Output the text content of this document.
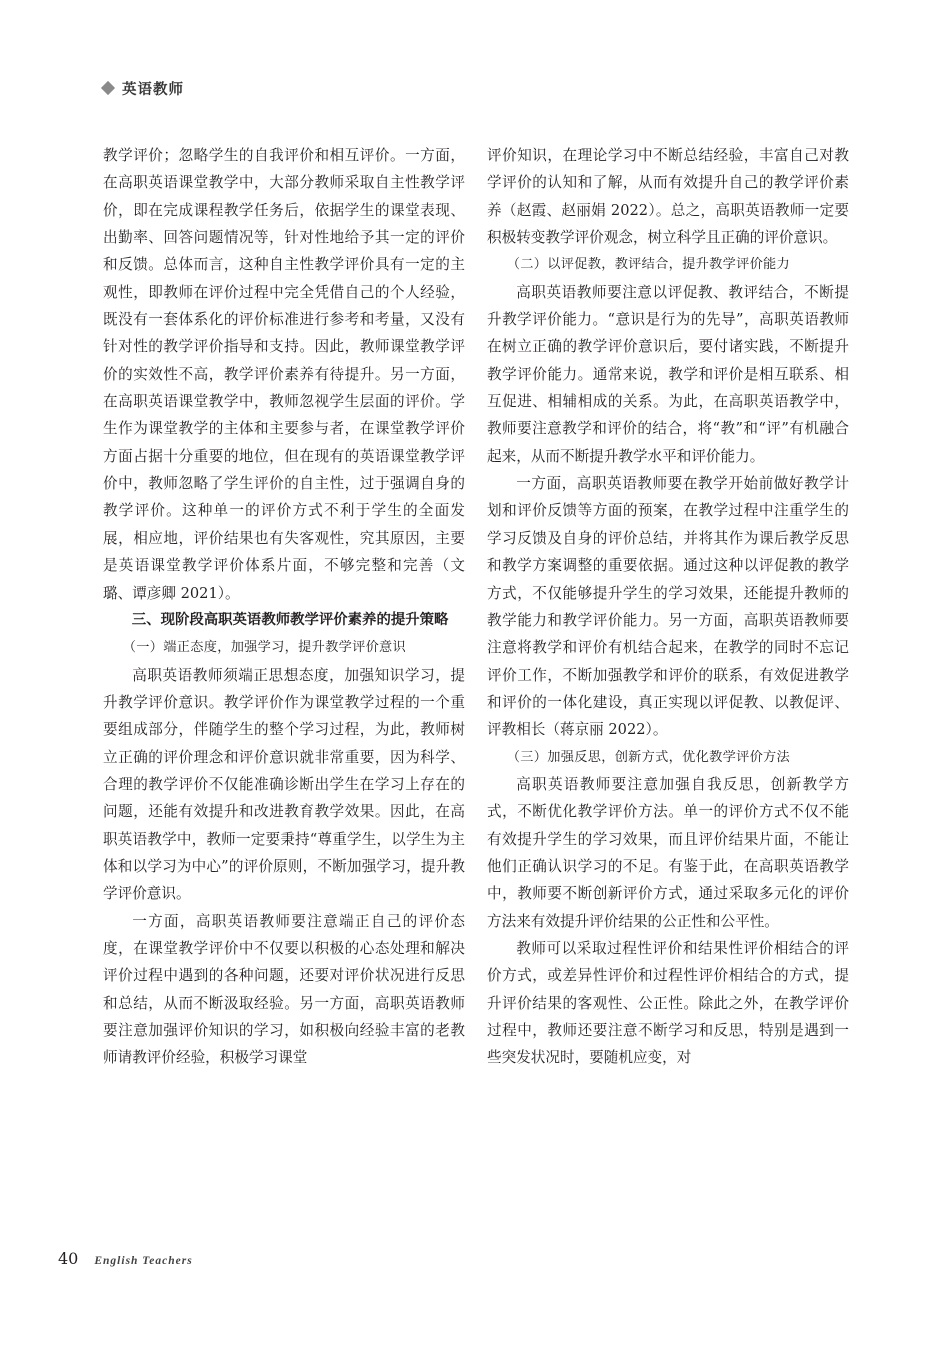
英语教师

教学评价；忽略学生的自我评价和相互评价。一方面，在高职英语课堂教学中，大部分教师采取自主性教学评价，即在完成课程教学任务后，依据学生的课堂表现、出勤率、回答问题情况等，针对性地给予其一定的评价和反馈。总体而言，这种自主性教学评价具有一定的主观性，即教师在评价过程中完全凭借自己的个人经验，既没有一套体系化的评价标准进行参考和考量，又没有针对性的教学评价指导和支持。因此，教师课堂教学评价的实效性不高，教学评价素养有待提升。另一方面，在高职英语课堂教学中，教师忽视学生层面的评价。学生作为课堂教学的主体和主要参与者，在课堂教学评价方面占据十分重要的地位，但在现有的英语课堂教学评价中，教师忽略了学生评价的自主性，过于强调自身的教学评价。这种单一的评价方式不利于学生的全面发展，相应地，评价结果也有失客观性，究其原因，主要是英语课堂教学评价体系片面，不够完整和完善（文璐、谭彦卿 2021）。

三、现阶段高职英语教师教学评价素养的提升策略

（一）端正态度，加强学习，提升教学评价意识

高职英语教师须端正思想态度，加强知识学习，提升教学评价意识。教学评价作为课堂教学过程的一个重要组成部分，伴随学生的整个学习过程，为此，教师树立正确的评价理念和评价意识就非常重要，因为科学、合理的教学评价不仅能准确诊断出学生在学习上存在的问题，还能有效提升和改进教育教学效果。因此，在高职英语教学中，教师一定要秉持“尊重学生，以学生为主体和以学习为中心”的评价原则，不断加强学习，提升教学评价意识。

一方面，高职英语教师要注意端正自己的评价态度，在课堂教学评价中不仅要以积极的心态处理和解决评价过程中遇到的各种问题，还要对评价状况进行反思和总结，从而不断汲取经验。另一方面，高职英语教师要注意加强评价知识的学习，如积极向经验丰富的老教师请教评价经验，积极学习课堂

评价知识，在理论学习中不断总结经验，丰富自己对教学评价的认知和了解，从而有效提升自己的教学评价素养（赵霞、赵丽娟 2022）。总之，高职英语教师一定要积极转变教学评价观念，树立科学且正确的评价意识。

（二）以评促教，教评结合，提升教学评价能力

高职英语教师要注意以评促教、教评结合，不断提升教学评价能力。“意识是行为的先导”，高职英语教师在树立正确的教学评价意识后，要付诸实践，不断提升教学评价能力。通常来说，教学和评价是相互联系、相互促进、相辅相成的关系。为此，在高职英语教学中，教师要注意教学和评价的结合，将“教”和“评”有机融合起来，从而不断提升教学水平和评价能力。

一方面，高职英语教师要在教学开始前做好教学计划和评价反馈等方面的预案，在教学过程中注重学生的学习反馈及自身的评价总结，并将其作为课后教学反思和教学方案调整的重要依据。通过这种以评促教的教学方式，不仅能够提升学生的学习效果，还能提升教师的教学能力和教学评价能力。另一方面，高职英语教师要注意将教学和评价有机结合起来，在教学的同时不忘记评价工作，不断加强教学和评价的联系，有效促进教学和评价的一体化建设，真正实现以评促教、以教促评、评教相长（蒋京丽 2022）。

（三）加强反思，创新方式，优化教学评价方法

高职英语教师要注意加强自我反思，创新教学方式，不断优化教学评价方法。单一的评价方式不仅不能有效提升学生的学习效果，而且评价结果片面，不能让他们正确认识学习的不足。有鉴于此，在高职英语教学中，教师要不断创新评价方式，通过采取多元化的评价方法来有效提升评价结果的公正性和公平性。

教师可以采取过程性评价和结果性评价相结合的评价方式，或差异性评价和过程性评价相结合的方式，提升评价结果的客观性、公正性。除此之外，在教学评价过程中，教师还要注意不断学习和反思，特别是遇到一些突发状况时，要随机应变，对

40 English Teachers
